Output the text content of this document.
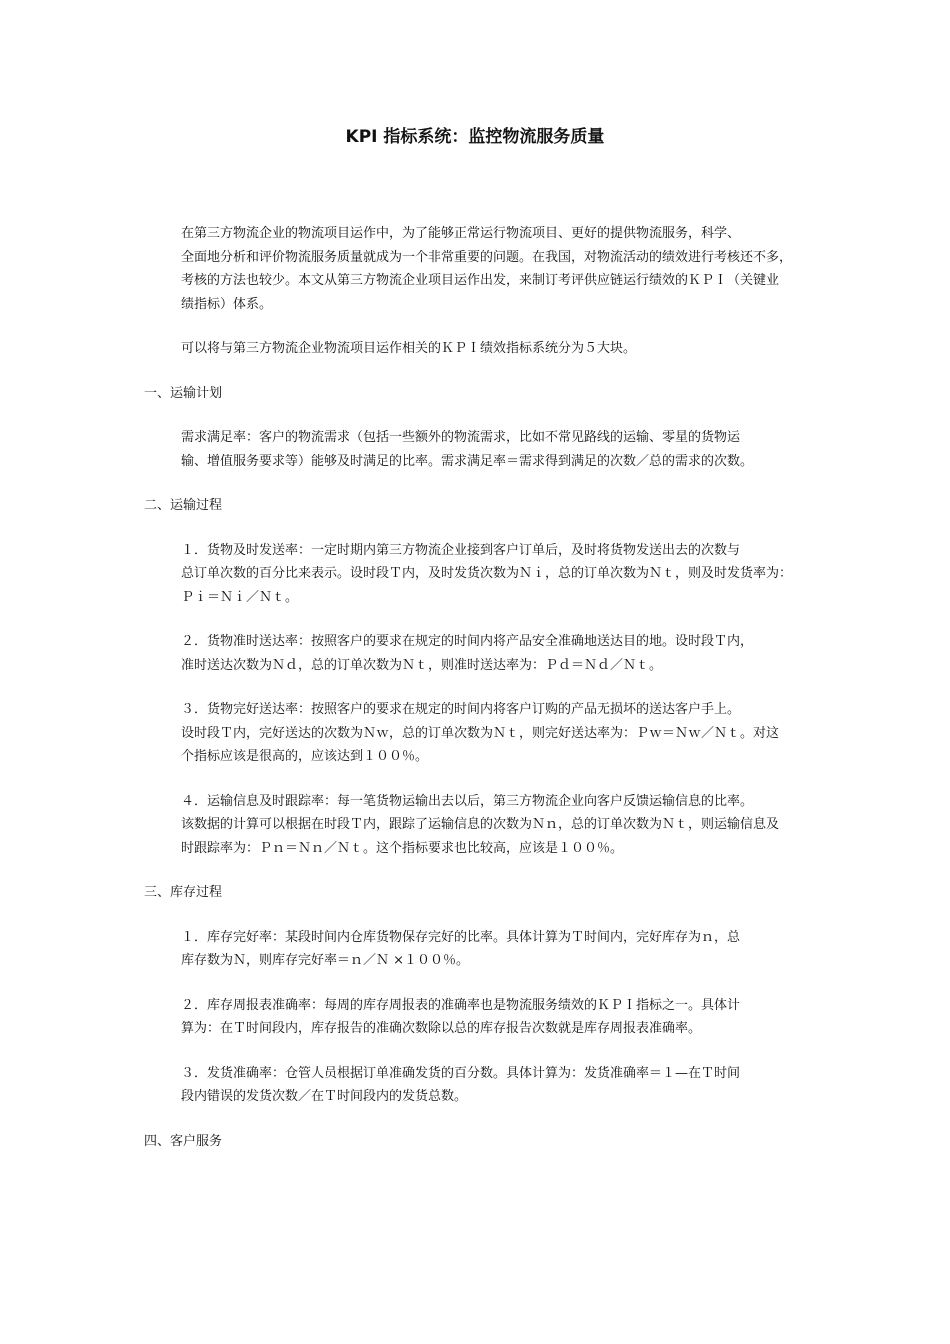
KPI 指标系统：监控物流服务质量

在第三方物流企业的物流项目运作中，为了能够正常运行物流项目、更好的提供物流服务，科学、
全面地分析和评价物流服务质量就成为一个非常重要的问题。在我国，对物流活动的绩效进行考核还不多，
考核的方法也较少。本文从第三方物流企业项目运作出发，来制订考评供应链运行绩效的ＫＰＩ（关键业
绩指标）体系。

可以将与第三方物流企业物流项目运作相关的ＫＰＩ绩效指标系统分为５大块。

一、运输计划

需求满足率：客户的物流需求（包括一些额外的物流需求，比如不常见路线的运输、零星的货物运
输、增值服务要求等）能够及时满足的比率。需求满足率＝需求得到满足的次数／总的需求的次数。

二、运输过程

１．货物及时发送率：一定时期内第三方物流企业接到客户订单后，及时将货物发送出去的次数与
总订单次数的百分比来表示。设时段Ｔ内，及时发货次数为Ｎｉ，总的订单次数为Ｎｔ，则及时发货率为：
Ｐｉ＝Ｎｉ／Ｎｔ。

２．货物准时送达率：按照客户的要求在规定的时间内将产品安全准确地送达目的地。设时段Ｔ内，
准时送达次数为Ｎｄ，总的订单次数为Ｎｔ，则准时送达率为：Ｐｄ＝Ｎｄ／Ｎｔ。

３．货物完好送达率：按照客户的要求在规定的时间内将客户订购的产品无损坏的送达客户手上。
设时段Ｔ内，完好送达的次数为Ｎｗ，总的订单次数为Ｎｔ，则完好送达率为：Ｐｗ＝Ｎｗ／Ｎｔ。对这
个指标应该是很高的，应该达到１００％。

４．运输信息及时跟踪率：每一笔货物运输出去以后，第三方物流企业向客户反馈运输信息的比率。
该数据的计算可以根据在时段Ｔ内，跟踪了运输信息的次数为Ｎｎ，总的订单次数为Ｎｔ，则运输信息及
时跟踪率为：Ｐｎ＝Ｎｎ／Ｎｔ。这个指标要求也比较高，应该是１００％。

三、库存过程

１．库存完好率：某段时间内仓库货物保存完好的比率。具体计算为Ｔ时间内，完好库存为ｎ，总
库存数为Ｎ，则库存完好率＝ｎ／Ｎ ×１００％。

２．库存周报表准确率：每周的库存周报表的准确率也是物流服务绩效的ＫＰＩ指标之一。具体计
算为：在Ｔ时间段内，库存报告的准确次数除以总的库存报告次数就是库存周报表准确率。

３．发货准确率：仓管人员根据订单准确发货的百分数。具体计算为：发货准确率＝１—在Ｔ时间
段内错误的发货次数／在Ｔ时间段内的发货总数。

四、客户服务
